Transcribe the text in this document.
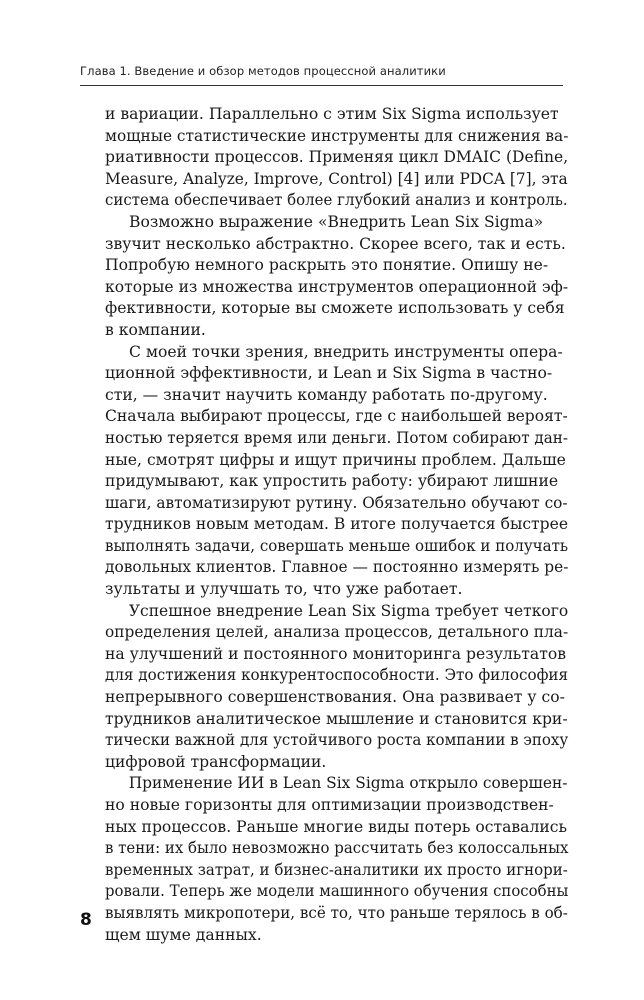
Глава 1. Введение и обзор методов процессной аналитики

и вариации. Параллельно с этим Six Sigma использует
мощные статистические инструменты для снижения ва-
риативности процессов. Применяя цикл DMAIC (Define,
Measure, Analyze, Improve, Control) [4] или PDCA [7], эта
система обеспечивает более глубокий анализ и контроль.

Возможно выражение «Внедрить Lean Six Sigma»
звучит несколько абстрактно. Скорее всего, так и есть.
Попробую немного раскрыть это понятие. Опишу не-
которые из множества инструментов операционной эф-
фективности, которые вы сможете использовать у себя
в компании.

С моей точки зрения, внедрить инструменты опера-
ционной эффективности, и Lean и Six Sigma в частно-
сти, — значит научить команду работать по-другому.
Сначала выбирают процессы, где с наибольшей вероят-
ностью теряется время или деньги. Потом собирают дан-
ные, смотрят цифры и ищут причины проблем. Дальше
придумывают, как упростить работу: убирают лишние
шаги, автоматизируют рутину. Обязательно обучают со-
трудников новым методам. В итоге получается быстрее
выполнять задачи, совершать меньше ошибок и получать
довольных клиентов. Главное — постоянно измерять ре-
зультаты и улучшать то, что уже работает.

Успешное внедрение Lean Six Sigma требует четкого
определения целей, анализа процессов, детального пла-
на улучшений и постоянного мониторинга результатов
для достижения конкурентоспособности. Это философия
непрерывного совершенствования. Она развивает у со-
трудников аналитическое мышление и становится кри-
тически важной для устойчивого роста компании в эпоху
цифровой трансформации.

Применение ИИ в Lean Six Sigma открыло совершен-
но новые горизонты для оптимизации производствен-
ных процессов. Раньше многие виды потерь оставались
в тени: их было невозможно рассчитать без колоссальных
временных затрат, и бизнес-аналитики их просто игнори-
ровали. Теперь же модели машинного обучения способны
выявлять микропотери, всё то, что раньше терялось в об-
щем шуме данных.

8
